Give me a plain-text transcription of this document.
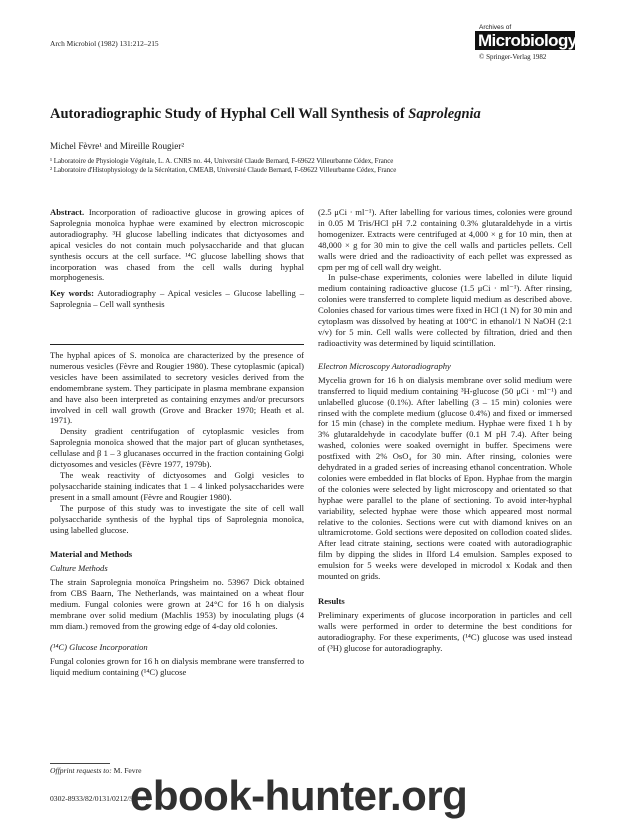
Arch Microbiol (1982) 131:212–215
Archives of
Microbiology
© Springer-Verlag 1982
Autoradiographic Study of Hyphal Cell Wall Synthesis of Saprolegnia
Michel Fèvre¹ and Mireille Rougier²
¹ Laboratoire de Physiologie Végétale, L. A. CNRS no. 44, Université Claude Bernard, F-69622 Villeurbanne Cédex, France
² Laboratoire d'Histophysiology de la Sécrétation, CMEAB, Université Claude Bernard, F-69622 Villeurbanne Cédex, France

Abstract. Incorporation of radioactive glucose in growing apices of Saprolegnia monoïca hyphae were examined by electron microscopic autoradiography. ³H glucose labelling indicates that dictyosomes and apical vesicles do not contain much polysaccharide and that glucan synthesis occurs at the cell surface. ¹⁴C glucose labelling shows that incorporation was chased from the cell walls during hyphal morphogenesis.

Key words: Autoradiography – Apical vesicles – Glucose labelling – Saprolegnia – Cell wall synthesis

The hyphal apices of S. monoïca are characterized by the presence of numerous vesicles (Fèvre and Rougier 1980). These cytoplasmic (apical) vesicles have been assimilated to secretory vesicles derived from the endomembrane system. They participate in plasma membrane expansion and have also been interpreted as containing enzymes and/or precursors involved in cell wall growth (Grove and Bracker 1970; Heath et al. 1971).

Density gradient centrifugation of cytoplasmic vesicles from Saprolegnia monoïca showed that the major part of glucan synthetases, cellulase and β 1 – 3 glucanases occurred in the fraction containing Golgi dictyosomes and vesicles (Fèvre 1977, 1979b).

The weak reactivity of dictyosomes and Golgi vesicles to polysaccharide staining indicates that 1 – 4 linked polysaccharides were present in a small amount (Fèvre and Rougier 1980).

The purpose of this study was to investigate the site of cell wall polysaccharide synthesis of the hyphal tips of Saprolegnia monoïca, using labelled glucose.

Material and Methods
Culture Methods

The strain Saprolegnia monoïca Pringsheim no. 53967 Dick obtained from CBS Baarn, The Netherlands, was maintained on a wheat flour medium. Fungal colonies were grown at 24°C for 16 h on dialysis membrane over solid medium (Machlis 1953) by inoculating plugs (4 mm diam.) removed from the growing edge of 4-day old colonies.

(¹⁴C) Glucose Incorporation

Fungal colonies grown for 16 h on dialysis membrane were transferred to liquid medium containing (¹⁴C) glucose

Offprint requests to: M. Fevre
0302-8933/82/0131/0212/$01.00

(2.5 μCi · ml⁻¹). After labelling for various times, colonies were ground in 0.05 M Tris/HCl pH 7.2 containing 0.3% glutaraldehyde in a virtis homogenizer. Extracts were centrifuged at 4,000 × g for 10 min, then at 48,000 × g for 30 min to give the cell walls and particles pellets. Cell walls were dried and the radioactivity of each pellet was expressed as cpm per mg of cell wall dry weight.

In pulse-chase experiments, colonies were labelled in dilute liquid medium containing radioactive glucose (1.5 μCi · ml⁻¹). After rinsing, colonies were transferred to complete liquid medium as described above. Colonies chased for various times were fixed in HCl (1 N) for 30 min and cytoplasm was dissolved by heating at 100°C in ethanol/1 N NaOH (2:1 v/v) for 5 min. Cell walls were collected by filtration, dried and then radioactivity was determined by liquid scintillation.

Electron Microscopy Autoradiography

Mycelia grown for 16 h on dialysis membrane over solid medium were transferred to liquid medium containing ³H-glucose (50 μCi · ml⁻¹) and unlabelled glucose (0.1%). After labelling (3 – 15 min) colonies were rinsed with the complete medium (glucose 0.4%) and fixed or immersed for 15 min (chase) in the complete medium. Hyphae were fixed 1 h by 3% glutaraldehyde in cacodylate buffer (0.1 M pH 7.4). After being washed, colonies were soaked overnight in buffer. Specimens were postfixed with 2% OsO₄ for 30 min. After rinsing, colonies were dehydrated in a graded series of increasing ethanol concentration. Whole colonies were embedded in flat blocks of Epon. Hyphae from the margin of the colonies were selected by light microscopy and orientated so that hyphae were parallel to the plane of sectioning. To avoid inter-hyphal variability, selected hyphae were those which appeared most normal relative to the colonies. Sections were cut with diamond knives on an ultramicrotome. Gold sections were deposited on collodion coated slides. After lead citrate staining, sections were coated with autoradiographic film by dipping the slides in Ilford L4 emulsion. Samples exposed to emulsion for 5 weeks were developed in microdol x Kodak and then mounted on grids.

Results

Preliminary experiments of glucose incorporation in particles and cell walls were performed in order to determine the best conditions for autoradiography. For these experiments, (¹⁴C) glucose was used instead of (³H) glucose for autoradiography.

ebook-hunter.org
